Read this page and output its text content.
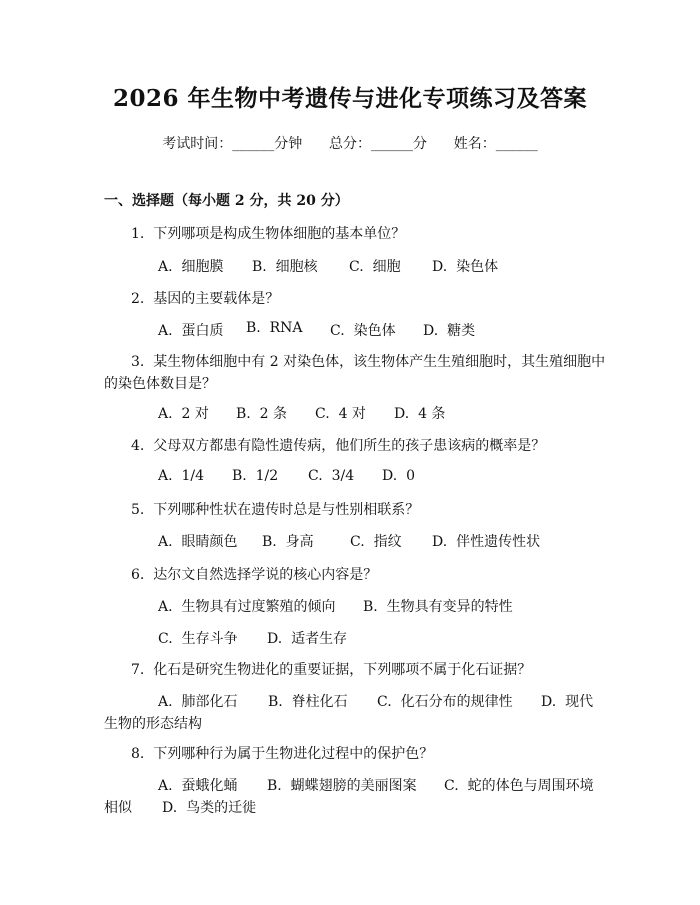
2026 年生物中考遗传与进化专项练习及答案
考试时间：______分钟 总分：______分 姓名：______
一、选择题（每小题 2 分，共 20 分）
1.  下列哪项是构成生物体细胞的基本单位？
A.  细胞膜	B.  细胞核	C.  细胞	D.  染色体
2.  基因的主要载体是？
A.  蛋白质	B.  RNA	C.  染色体	D.  糖类
3.  某生物体细胞中有 2 对染色体，该生物体产生生殖细胞时，其生殖细胞中
的染色体数目是？
A.  2 对	B.  2 条	C.  4 对	D.  4 条
4.  父母双方都患有隐性遗传病，他们所生的孩子患该病的概率是？
A.  1/4	B.  1/2	C.  3/4	D.  0
5.  下列哪种性状在遗传时总是与性别相联系？
A.  眼睛颜色	B.  身高	C.  指纹	D.  伴性遗传性状
6.  达尔文自然选择学说的核心内容是？
A.  生物具有过度繁殖的倾向	B.  生物具有变异的特性
C.  生存斗争	D.  适者生存
7.  化石是研究生物进化的重要证据，下列哪项不属于化石证据？
A.  肺部化石	B.  脊柱化石	C.  化石分布的规律性	D.  现代
生物的形态结构
8.  下列哪种行为属于生物进化过程中的保护色？
A.  蚕蛾化蛹	B.  蝴蝶翅膀的美丽图案	C.  蛇的体色与周围环境
相似	D.  鸟类的迁徙
